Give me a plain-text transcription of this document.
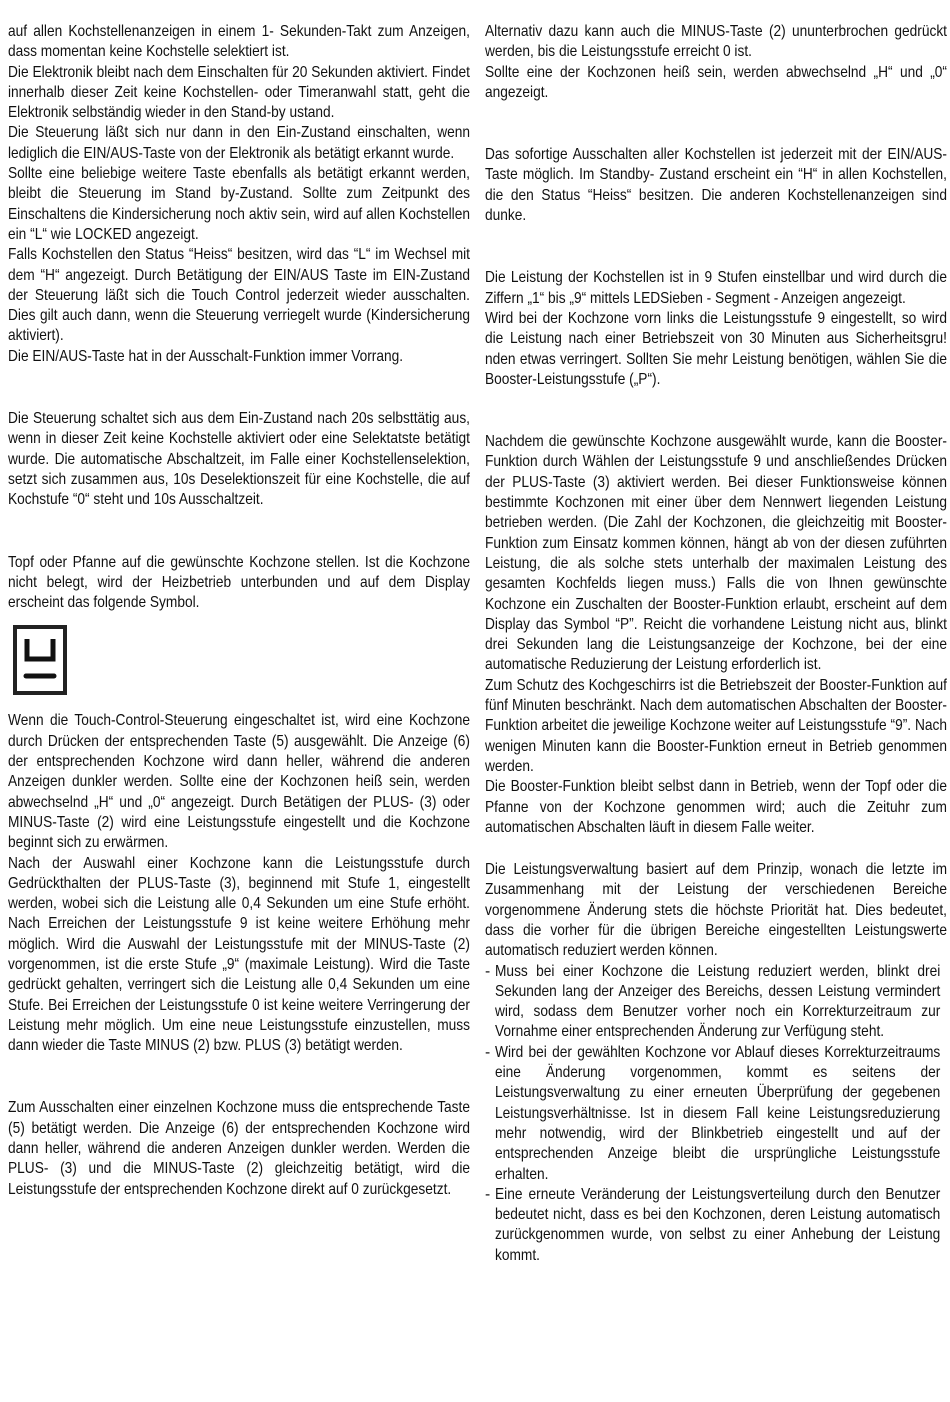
auf allen Kochstellenanzeigen in einem 1- Sekunden-Takt zum Anzeigen, dass momentan keine Kochstelle selektiert ist.

Die Elektronik bleibt nach dem Einschalten für 20 Sekunden aktiviert. Findet innerhalb dieser Zeit keine Kochstellen- oder Timeranwahl statt, geht die Elektronik selbständig wieder in den Stand-by ustand.

Die Steuerung läßt sich nur dann in den Ein-Zustand einschalten, wenn lediglich die EIN/AUS-Taste von der Elektronik als betätigt erkannt wurde.

Sollte eine beliebige weitere Taste ebenfalls als betätigt erkannt werden, bleibt die Steuerung im Stand by-Zustand. Sollte zum Zeitpunkt des Einschaltens die Kindersicherung noch aktiv sein, wird auf allen Kochstellen ein “L“ wie LOCKED angezeigt.

Falls Kochstellen den Status “Heiss“ besitzen, wird das “L“ im Wechsel mit dem “H“ angezeigt. Durch Betätigung der EIN/AUS Taste im EIN-Zustand der Steuerung läßt sich die Touch Control jederzeit wieder ausschalten. Dies gilt auch dann, wenn die Steuerung verriegelt wurde (Kindersicherung aktiviert).

Die EIN/AUS-Taste hat in der Ausschalt-Funktion immer Vorrang.

Die Steuerung schaltet sich aus dem Ein-Zustand nach 20s selbsttätig aus, wenn in dieser Zeit keine Kochstelle aktiviert oder eine Selektatste betätigt wurde. Die automatische Abschaltzeit, im Falle einer Kochstellenselektion, setzt sich zusammen aus, 10s Deselektionszeit für eine Kochstelle, die auf Kochstufe “0“ steht und 10s Ausschaltzeit.

Topf oder Pfanne auf die gewünschte Kochzone stellen. Ist die Kochzone nicht belegt, wird der Heizbetrieb unterbunden und auf dem Display erscheint das folgende Symbol.

Wenn die Touch-Control-Steuerung eingeschaltet ist, wird eine Kochzone durch Drücken der entsprechenden Taste (5) ausgewählt. Die Anzeige (6) der entsprechenden Kochzone wird dann heller, während die anderen Anzeigen dunkler werden. Sollte eine der Kochzonen heiß sein, werden abwechselnd „H“ und „0“ angezeigt. Durch Betätigen der PLUS- (3) oder MINUS-Taste (2) wird eine Leistungsstufe eingestellt und die Kochzone beginnt sich zu erwärmen.

Nach der Auswahl einer Kochzone kann die Leistungsstufe durch Gedrückthalten der PLUS-Taste (3), beginnend mit Stufe 1, eingestellt werden, wobei sich die Leistung alle 0,4 Sekunden um eine Stufe erhöht. Nach Erreichen der Leistungsstufe 9 ist keine weitere Erhöhung mehr möglich. Wird die Auswahl der Leistungsstufe mit der MINUS-Taste (2) vorgenommen, ist die erste Stufe „9“ (maximale Leistung). Wird die Taste gedrückt gehalten, verringert sich die Leistung alle 0,4 Sekunden um eine Stufe. Bei Erreichen der Leistungsstufe 0 ist keine weitere Verringerung der Leistung mehr möglich. Um eine neue Leistungsstufe einzustellen, muss dann wieder die Taste MINUS (2) bzw. PLUS (3) betätigt werden.

Zum Ausschalten einer einzelnen Kochzone muss die entsprechende Taste (5) betätigt werden. Die Anzeige (6) der entsprechenden Kochzone wird dann heller, während die anderen Anzeigen dunkler werden. Werden die PLUS- (3) und die MINUS-Taste (2) gleichzeitig betätigt, wird die Leistungsstufe der entsprechenden Kochzone direkt auf 0 zurückgesetzt.

Alternativ dazu kann auch die MINUS-Taste (2) ununterbrochen gedrückt werden, bis die Leistungsstufe erreicht 0 ist.

Sollte eine der Kochzonen heiß sein, werden abwechselnd „H“ und „0“ angezeigt.

Das sofortige Ausschalten aller Kochstellen ist jederzeit mit der EIN/AUS-Taste möglich. Im Standby- Zustand erscheint ein “H“ in allen Kochstellen, die den Status “Heiss“ besitzen. Die anderen Kochstellenanzeigen sind dunke.

Die Leistung der Kochstellen ist in 9 Stufen einstellbar und wird durch die Ziffern „1“ bis „9“ mittels LEDSieben - Segment - Anzeigen angezeigt.

Wird bei der Kochzone vorn links die Leistungsstufe 9 eingestellt, so wird die Leistung nach einer Betriebszeit von 30 Minuten aus Sicherheitsgru! nden etwas verringert. Sollten Sie mehr Leistung benötigen, wählen Sie die Booster-Leistungsstufe („P“).

Nachdem die gewünschte Kochzone ausgewählt wurde, kann die Booster-Funktion durch Wählen der Leistungsstufe 9 und anschließendes Drücken der PLUS-Taste (3) aktiviert werden. Bei dieser Funktionsweise können bestimmte Kochzonen mit einer über dem Nennwert liegenden Leistung betrieben werden. (Die Zahl der Kochzonen, die gleichzeitig mit Booster-Funktion zum Einsatz kommen können, hängt ab von der diesen zuführten Leistung, die als solche stets unterhalb der maximalen Leistung des gesamten Kochfelds liegen muss.) Falls die von Ihnen gewünschte Kochzone ein Zuschalten der Booster-Funktion erlaubt, erscheint auf dem Display das Symbol “P”. Reicht die vorhandene Leistung nicht aus, blinkt drei Sekunden lang die Leistungsanzeige der Kochzone, bei der eine automatische Reduzierung der Leistung erforderlich ist.

Zum Schutz des Kochgeschirrs ist die Betriebszeit der Booster-Funktion auf fünf Minuten beschränkt. Nach dem automatischen Abschalten der Booster-Funktion arbeitet die jeweilige Kochzone weiter auf Leistungsstufe “9”. Nach wenigen Minuten kann die Booster-Funktion erneut in Betrieb genommen werden.

Die Booster-Funktion bleibt selbst dann in Betrieb, wenn der Topf oder die Pfanne von der Kochzone genommen wird; auch die Zeituhr zum automatischen Abschalten läuft in diesem Falle weiter.

Die Leistungsverwaltung basiert auf dem Prinzip, wonach die letzte im Zusammenhang mit der Leistung der verschiedenen Bereiche vorgenommene Änderung stets die höchste Priorität hat. Dies bedeutet, dass die vorher für die übrigen Bereiche eingestellten Leistungswerte automatisch reduziert werden können.

- Muss bei einer Kochzone die Leistung reduziert werden, blinkt drei Sekunden lang der Anzeiger des Bereichs, dessen Leistung vermindert wird, sodass dem Benutzer vorher noch ein Korrekturzeitraum zur Vornahme einer entsprechenden Änderung zur Verfügung steht.

- Wird bei der gewählten Kochzone vor Ablauf dieses Korrekturzeitraums eine Änderung vorgenommen, kommt es seitens der Leistungsverwaltung zu einer erneuten Überprüfung der gegebenen Leistungsverhältnisse. Ist in diesem Fall keine Leistungsreduzierung mehr notwendig, wird der Blinkbetrieb eingestellt und auf der entsprechenden Anzeige bleibt die ursprüngliche Leistungsstufe erhalten.

- Eine erneute Veränderung der Leistungsverteilung durch den Benutzer bedeutet nicht, dass es bei den Kochzonen, deren Leistung automatisch zurückgenommen wurde, von selbst zu einer Anhebung der Leistung kommt.
